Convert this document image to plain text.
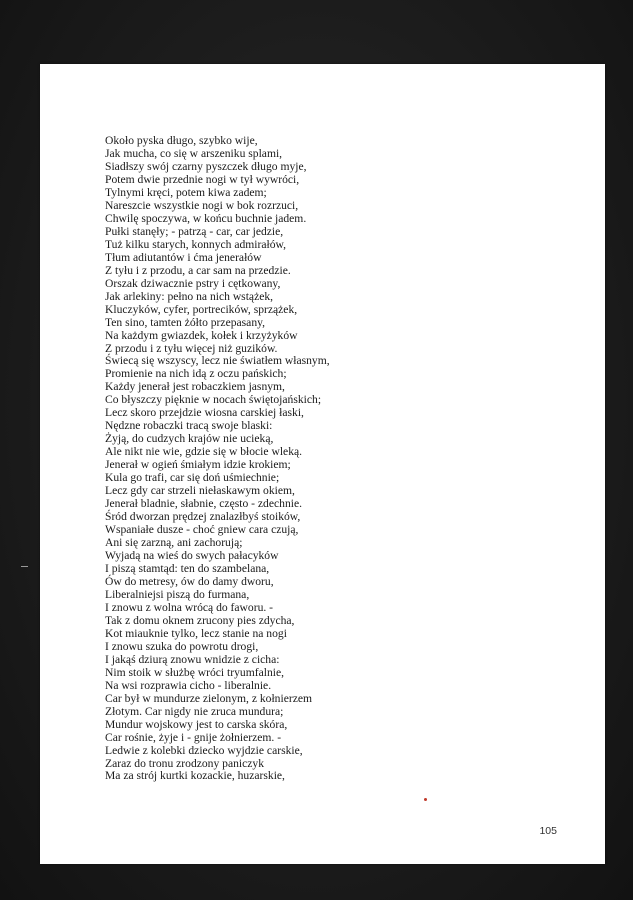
Około pyska długo, szybko wije,
Jak mucha, co się w arszeniku splami,
Siadłszy swój czarny pyszczek długo myje,
Potem dwie przednie nogi w tył wywróci,
Tylnymi kręci, potem kiwa zadem;
Nareszcie wszystkie nogi w bok rozrzuci,
Chwilę spoczywa, w końcu buchnie jadem.
Pułki stanęły; - patrzą - car, car jedzie,
Tuż kilku starych, konnych admirałów,
Tłum adiutantów i ćma jenerałów
Z tyłu i z przodu, a car sam na przedzie.
Orszak dziwacznie pstry i cętkowany,
Jak arlekiny: pełno na nich wstążek,
Kluczyków, cyfer, portrecików, sprzążek,
Ten sino, tamten żółto przepasany,
Na każdym gwiazdek, kołek i krzyżyków
Z przodu i z tyłu więcej niż guzików.
Świecą się wszyscy, lecz nie światłem własnym,
Promienie na nich idą z oczu pańskich;
Każdy jenerał jest robaczkiem jasnym,
Co błyszczy pięknie w nocach świętojańskich;
Lecz skoro przejdzie wiosna carskiej łaski,
Nędzne robaczki tracą swoje blaski:
Żyją, do cudzych krajów nie ucieką,
Ale nikt nie wie, gdzie się w błocie wleką.
Jenerał w ogień śmiałym idzie krokiem;
Kula go trafi, car się doń uśmiechnie;
Lecz gdy car strzeli niełaskawym okiem,
Jenerał bladnie, słabnie, często - zdechnie.
Śród dworzan prędzej znalazłbyś stoików,
Wspaniałe dusze - choć gniew cara czują,
Ani się zarzną, ani zachorują;
Wyjadą na wieś do swych pałacyków
I piszą stamtąd: ten do szambelana,
Ów do metresy, ów do damy dworu,
Liberalniejsi piszą do furmana,
I znowu z wolna wrócą do faworu. -
Tak z domu oknem zrucony pies zdycha,
Kot miauknie tylko, lecz stanie na nogi
I znowu szuka do powrotu drogi,
I jakąś dziurą znowu wnidzie z cicha:
Nim stoik w służbę wróci tryumfalnie,
Na wsi rozprawia cicho - liberalnie.
Car był w mundurze zielonym, z kołnierzem
Złotym. Car nigdy nie zruca mundura;
Mundur wojskowy jest to carska skóra,
Car rośnie, żyje i - gnije żołnierzem. -
Ledwie z kolebki dziecko wyjdzie carskie,
Zaraz do tronu zrodzony paniczyk
Ma za strój kurtki kozackie, huzarskie,
105
